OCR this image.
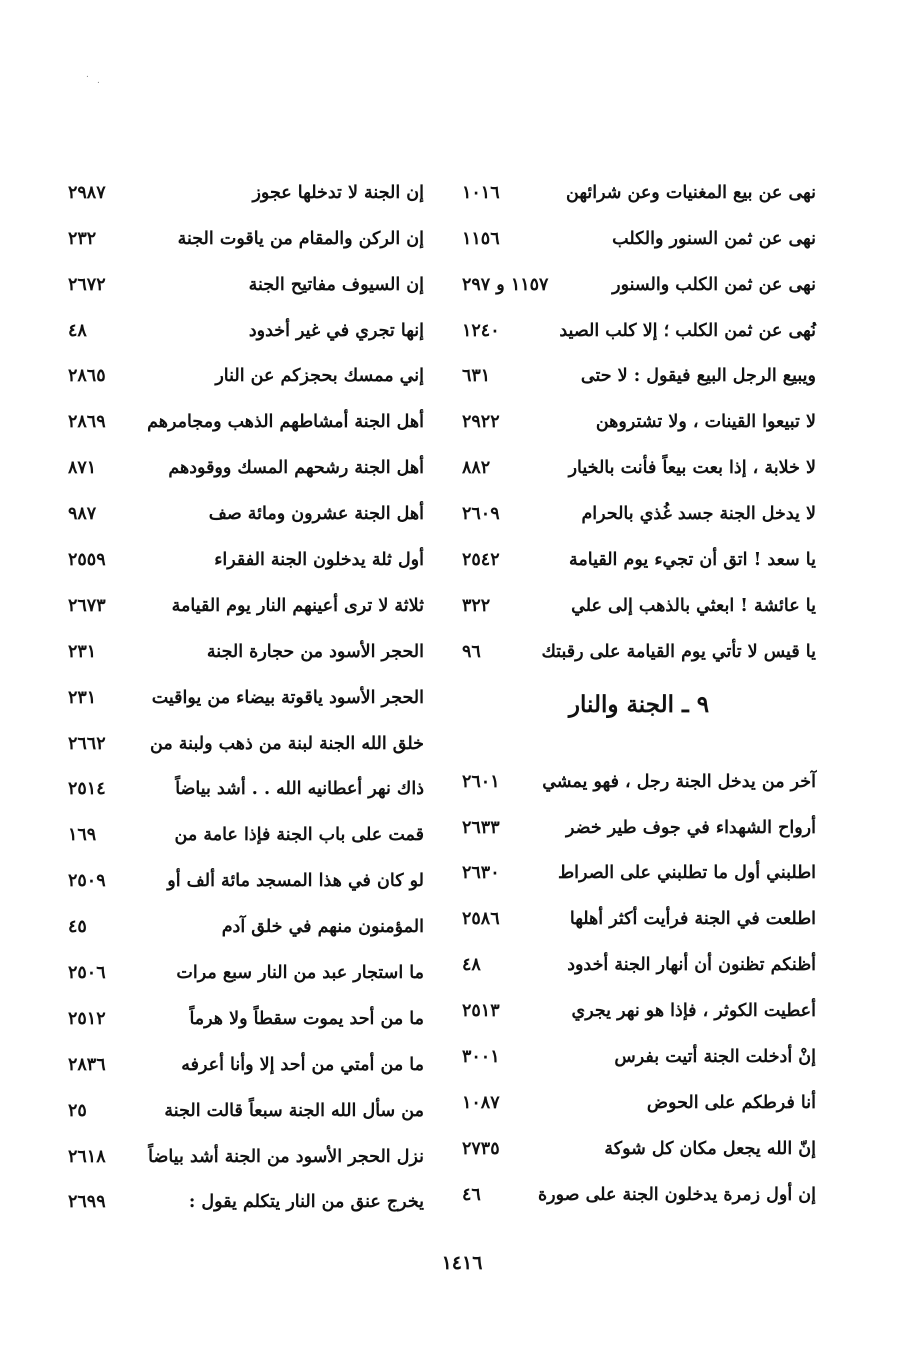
.
.
نهى عن بيع المغنيات وعن شرائهن
١٠١٦
نهى عن ثمن السنور والكلب
١١٥٦
نهى عن ثمن الكلب والسنور
١١٥٧ و ٢٩٧
نُهى عن ثمن الكلب ؛ إلا كلب الصيد
١٢٤٠
ويبيع الرجل البيع فيقول : لا حتى
٦٣١
لا تبيعوا القينات ، ولا تشتروهن
٢٩٢٢
لا خلابة ، إذا بعت بيعاً فأنت بالخيار
٨٨٢
لا يدخل الجنة جسد غُذي بالحرام
٢٦٠٩
يا سعد ! اتق أن تجيء يوم القيامة
٢٥٤٢
يا عائشة ! ابعثي بالذهب إلى علي
٣٢٢
يا قيس لا تأتي يوم القيامة على رقبتك
٩٦
٩ ـ الجنة والنار
آخر من يدخل الجنة رجل ، فهو يمشي
٢٦٠١
أرواح الشهداء في جوف طير خضر
٢٦٣٣
اطلبني أول ما تطلبني على الصراط
٢٦٣٠
اطلعت في الجنة فرأيت أكثر أهلها
٢٥٨٦
أظنكم تظنون أن أنهار الجنة أخدود
٤٨
أعطيت الكوثر ، فإذا هو نهر يجري
٢٥١٣
إنْ أدخلت الجنة أتيت بفرس
٣٠٠١
أنا فرطكم على الحوض
١٠٨٧
إنّ الله يجعل مكان كل شوكة
٢٧٣٥
إن أول زمرة يدخلون الجنة على صورة
٤٦
إن الجنة لا تدخلها عجوز
٢٩٨٧
إن الركن والمقام من ياقوت الجنة
٢٣٢
إن السيوف مفاتيح الجنة
٢٦٧٢
إنها تجري في غير أخدود
٤٨
إني ممسك بحجزكم عن النار
٢٨٦٥
أهل الجنة أمشاطهم الذهب ومجامرهم
٢٨٦٩
أهل الجنة رشحهم المسك ووقودهم
٨٧١
أهل الجنة عشرون ومائة صف
٩٨٧
أول ثلة يدخلون الجنة الفقراء
٢٥٥٩
ثلاثة لا ترى أعينهم النار يوم القيامة
٢٦٧٣
الحجر الأسود من حجارة الجنة
٢٣١
الحجر الأسود ياقوتة بيضاء من يواقيت
٢٣١
خلق الله الجنة لبنة من ذهب ولبنة من
٢٦٦٢
ذاك نهر أعطانيه الله . . أشد بياضاً
٢٥١٤
قمت على باب الجنة فإذا عامة من
١٦٩
لو كان في هذا المسجد مائة ألف أو
٢٥٠٩
المؤمنون منهم في خلق آدم
٤٥
ما استجار عبد من النار سبع مرات
٢٥٠٦
ما من أحد يموت سقطاً ولا هرماً
٢٥١٢
ما من أمتي من أحد إلا وأنا أعرفه
٢٨٣٦
من سأل الله الجنة سبعاً قالت الجنة
٢٥
نزل الحجر الأسود من الجنة أشد بياضاً
٢٦١٨
يخرج عنق من النار يتكلم يقول :
٢٦٩٩
١٤١٦
